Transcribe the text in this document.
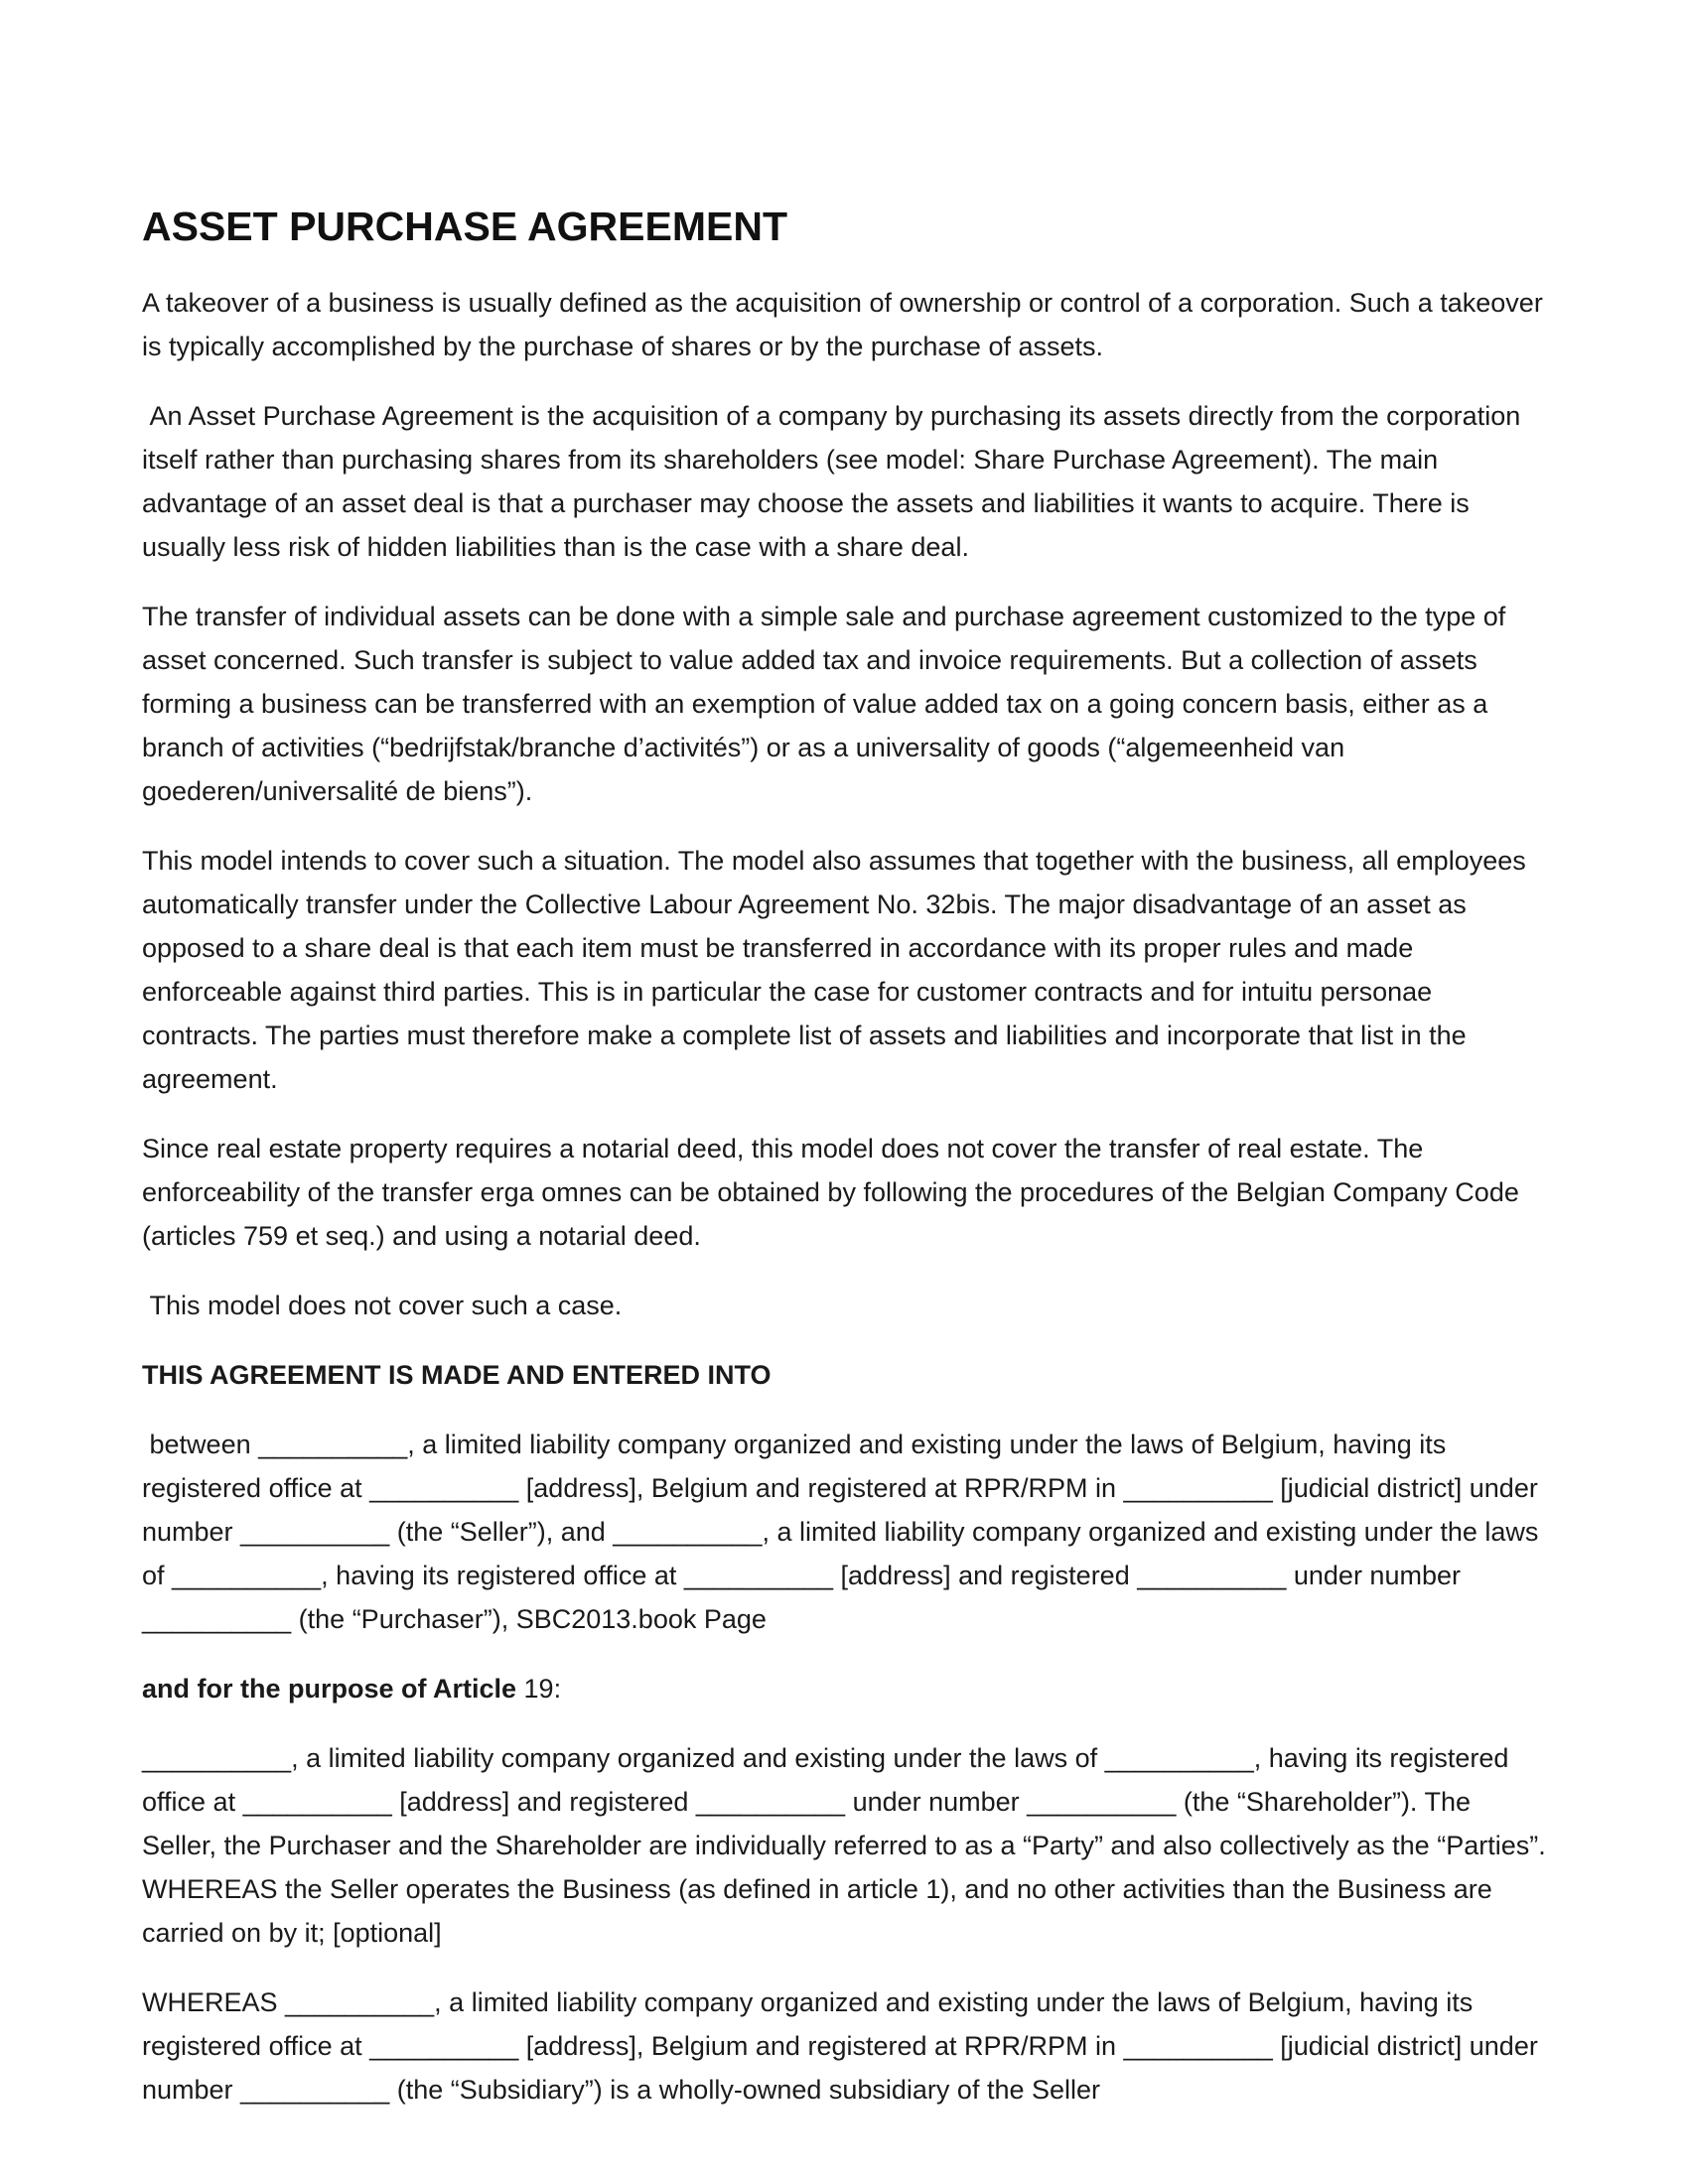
ASSET PURCHASE AGREEMENT

A takeover of a business is usually defined as the acquisition of ownership or control of a corporation. Such a takeover is typically accomplished by the purchase of shares or by the purchase of assets.

An Asset Purchase Agreement is the acquisition of a company by purchasing its assets directly from the corporation itself rather than purchasing shares from its shareholders (see model: Share Purchase Agreement). The main advantage of an asset deal is that a purchaser may choose the assets and liabilities it wants to acquire. There is usually less risk of hidden liabilities than is the case with a share deal.

The transfer of individual assets can be done with a simple sale and purchase agreement customized to the type of asset concerned. Such transfer is subject to value added tax and invoice requirements. But a collection of assets forming a business can be transferred with an exemption of value added tax on a going concern basis, either as a branch of activities (“bedrijfstak/branche d’activités”) or as a universality of goods (“algemeenheid van goederen/universalité de biens”).

This model intends to cover such a situation. The model also assumes that together with the business, all employees automatically transfer under the Collective Labour Agreement No. 32bis. The major disadvantage of an asset as opposed to a share deal is that each item must be transferred in accordance with its proper rules and made enforceable against third parties. This is in particular the case for customer contracts and for intuitu personae contracts. The parties must therefore make a complete list of assets and liabilities and incorporate that list in the agreement.

Since real estate property requires a notarial deed, this model does not cover the transfer of real estate. The enforceability of the transfer erga omnes can be obtained by following the procedures of the Belgian Company Code (articles 759 et seq.) and using a notarial deed.

This model does not cover such a case.

THIS AGREEMENT IS MADE AND ENTERED INTO

between __________, a limited liability company organized and existing under the laws of Belgium, having its registered office at __________ [address], Belgium and registered at RPR/RPM in __________ [judicial district] under number __________ (the “Seller”), and __________, a limited liability company organized and existing under the laws of __________, having its registered office at __________ [address] and registered __________ under number __________ (the “Purchaser”), SBC2013.book Page

and for the purpose of Article 19:

__________, a limited liability company organized and existing under the laws of __________, having its registered office at __________ [address] and registered __________ under number __________ (the “Shareholder”). The Seller, the Purchaser and the Shareholder are individually referred to as a “Party” and also collectively as the “Parties”. WHEREAS the Seller operates the Business (as defined in article 1), and no other activities than the Business are carried on by it; [optional]

WHEREAS __________, a limited liability company organized and existing under the laws of Belgium, having its registered office at __________ [address], Belgium and registered at RPR/RPM in __________ [judicial district] under number __________ (the “Subsidiary”) is a wholly-owned subsidiary of the Seller
